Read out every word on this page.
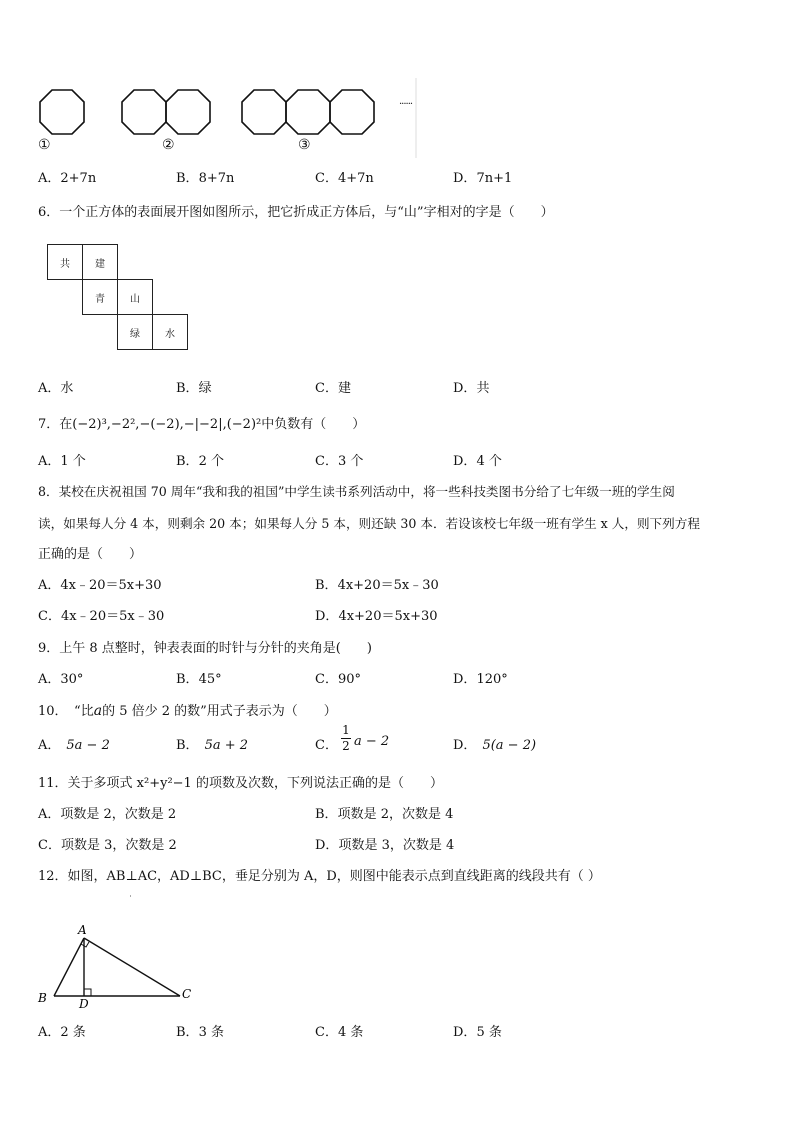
①	②	③
......
A．2+7n	B．8+7n	C．4+7n	D．7n+1
6．一个正方体的表面展开图如图所示，把它折成正方体后，与“山”字相对的字是（　　）
共	建
青	山
绿	水
A．水	B．绿	C．建	D．共
7．在(−2)³,−2²,−(−2),−|−2|,(−2)²中负数有（　　）
A．1 个	B．2 个	C．3 个	D．4 个
8．某校在庆祝祖国 70 周年“我和我的祖国”中学生读书系列活动中，将一些科技类图书分给了七年级一班的学生阅
读，如果每人分 4 本，则剩余 20 本；如果每人分 5 本，则还缺 30 本．若设该校七年级一班有学生 x 人，则下列方程
正确的是（　　）
A．4x﹣20＝5x+30	B．4x+20＝5x﹣30
C．4x﹣20＝5x﹣30	D．4x+20＝5x+30
9．上午 8 点整时，钟表表面的时针与分针的夹角是(　　)
A．30°	B．45°	C．90°	D．120°
10．　“比a的 5 倍少 2 的数”用式子表示为（　　）
A． 5a − 2	B． 5a + 2	C．
1
2 a − 2	D． 5(a − 2)
11．关于多项式 x²+y²−1 的项数及次数，下列说法正确的是（　　）
A．项数是 2，次数是 2	B．项数是 2，次数是 4
C．项数是 3，次数是 2	D．项数是 3，次数是 4
12．如图，AB⊥AC，AD⊥BC，垂足分别为 A，D，则图中能表示点到直线距离的线段共有（ ）
A
B	C
D
A．2 条	B．3 条	C．4 条	D．5 条
